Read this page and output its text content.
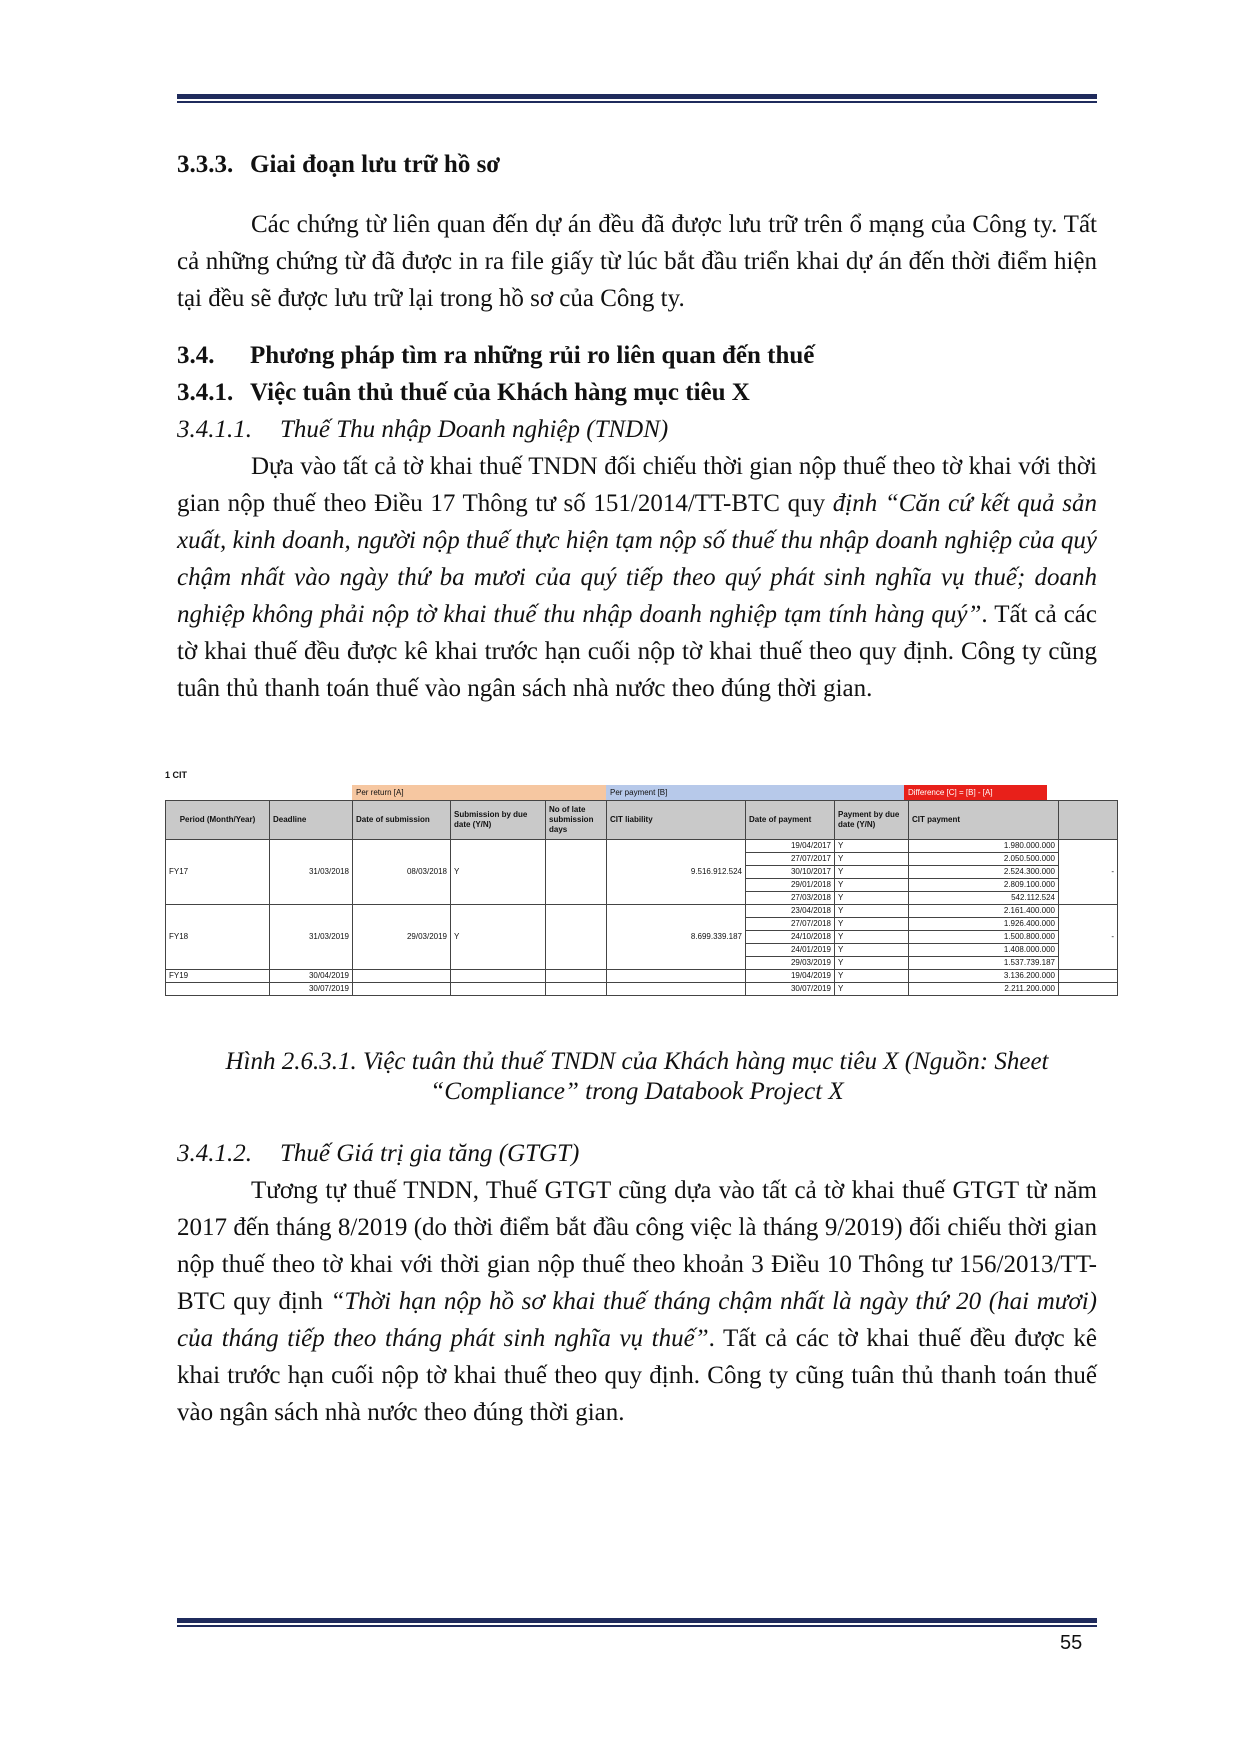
3.3.3. Giai đoạn lưu trữ hồ sơ

Các chứng từ liên quan đến dự án đều đã được lưu trữ trên ổ mạng của Công ty. Tất cả những chứng từ đã được in ra file giấy từ lúc bắt đầu triển khai dự án đến thời điểm hiện tại đều sẽ được lưu trữ lại trong hồ sơ của Công ty.

3.4. Phương pháp tìm ra những rủi ro liên quan đến thuế

3.4.1. Việc tuân thủ thuế của Khách hàng mục tiêu X

3.4.1.1. Thuế Thu nhập Doanh nghiệp (TNDN)

Dựa vào tất cả tờ khai thuế TNDN đối chiếu thời gian nộp thuế theo tờ khai với thời gian nộp thuế theo Điều 17 Thông tư số 151/2014/TT-BTC quy định “Căn cứ kết quả sản xuất, kinh doanh, người nộp thuế thực hiện tạm nộp số thuế thu nhập doanh nghiệp của quý chậm nhất vào ngày thứ ba mươi của quý tiếp theo quý phát sinh nghĩa vụ thuế; doanh nghiệp không phải nộp tờ khai thuế thu nhập doanh nghiệp tạm tính hàng quý”. Tất cả các tờ khai thuế đều được kê khai trước hạn cuối nộp tờ khai thuế theo quy định. Công ty cũng tuân thủ thanh toán thuế vào ngân sách nhà nước theo đúng thời gian.

1 CIT
Per return [A]	Per payment [B]	Difference [C] = [B] - [A]
Period (Month/Year)	Deadline	Date of submission	Submission by due date (Y/N)	No of late submission days	CIT liability	Date of payment	Payment by due date (Y/N)	CIT payment	
FY17	31/03/2018	08/03/2018	Y		9.516.912.524	19/04/2017	Y	1.980.000.000	-
						27/07/2017	Y	2.050.500.000	
						30/10/2017	Y	2.524.300.000	
						29/01/2018	Y	2.809.100.000	
						27/03/2018	Y	542.112.524	
FY18	31/03/2019	29/03/2019	Y		8.699.339.187	23/04/2018	Y	2.161.400.000	-
						27/07/2018	Y	1.926.400.000	
						24/10/2018	Y	1.500.800.000	
						24/01/2019	Y	1.408.000.000	
						29/03/2019	Y	1.537.739.187	
FY19	30/04/2019					19/04/2019	Y	3.136.200.000	
	30/07/2019					30/07/2019	Y	2.211.200.000	
Hình 2.6.3.1. Việc tuân thủ thuế TNDN của Khách hàng mục tiêu X (Nguồn: Sheet
“Compliance” trong Databook Project X

3.4.1.2. Thuế Giá trị gia tăng (GTGT)

Tương tự thuế TNDN, Thuế GTGT cũng dựa vào tất cả tờ khai thuế GTGT từ năm 2017 đến tháng 8/2019 (do thời điểm bắt đầu công việc là tháng 9/2019) đối chiếu thời gian nộp thuế theo tờ khai với thời gian nộp thuế theo khoản 3 Điều 10 Thông tư 156/2013/TT-BTC quy định “Thời hạn nộp hồ sơ khai thuế tháng chậm nhất là ngày thứ 20 (hai mươi) của tháng tiếp theo tháng phát sinh nghĩa vụ thuế”. Tất cả các tờ khai thuế đều được kê khai trước hạn cuối nộp tờ khai thuế theo quy định. Công ty cũng tuân thủ thanh toán thuế vào ngân sách nhà nước theo đúng thời gian.

55
